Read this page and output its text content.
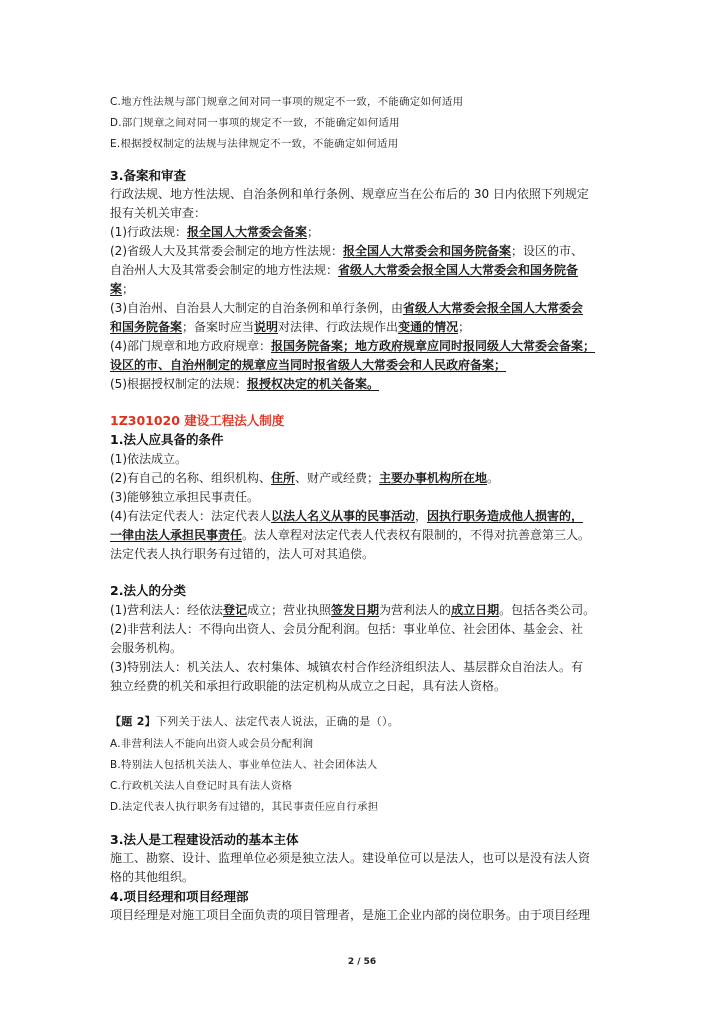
C.地方性法规与部门规章之间对同一事项的规定不一致，不能确定如何适用
D.部门规章之间对同一事项的规定不一致，不能确定如何适用
E.根据授权制定的法规与法律规定不一致，不能确定如何适用
3.备案和审查
行政法规、地方性法规、自治条例和单行条例、规章应当在公布后的 30 日内依照下列规定
报有关机关审查：
(1)行政法规：报全国人大常委会备案；
(2)省级人大及其常委会制定的地方性法规：报全国人大常委会和国务院备案；设区的市、
自治州人大及其常委会制定的地方性法规：省级人大常委会报全国人大常委会和国务院备
案；
(3)自治州、自治县人大制定的自治条例和单行条例，由省级人大常委会报全国人大常委会
和国务院备案；备案时应当说明对法律、行政法规作出变通的情况；
(4)部门规章和地方政府规章：报国务院备案；地方政府规章应同时报同级人大常委会备案；
设区的市、自治州制定的规章应当同时报省级人大常委会和人民政府备案；
(5)根据授权制定的法规：报授权决定的机关备案。
1Z301020 建设工程法人制度
1.法人应具备的条件
(1)依法成立。
(2)有自己的名称、组织机构、住所、财产或经费；主要办事机构所在地。
(3)能够独立承担民事责任。
(4)有法定代表人：法定代表人以法人名义从事的民事活动，因执行职务造成他人损害的，
一律由法人承担民事责任。法人章程对法定代表人代表权有限制的，不得对抗善意第三人。
法定代表人执行职务有过错的，法人可对其追偿。
2.法人的分类
(1)营利法人：经依法登记成立；营业执照签发日期为营利法人的成立日期。包括各类公司。
(2)非营利法人：不得向出资人、会员分配利润。包括：事业单位、社会团体、基金会、社
会服务机构。
(3)特别法人：机关法人、农村集体、城镇农村合作经济组织法人、基层群众自治法人。有
独立经费的机关和承担行政职能的法定机构从成立之日起，具有法人资格。
【题 2】下列关于法人、法定代表人说法，正确的是（）。
A.非营利法人不能向出资人或会员分配利润
B.特别法人包括机关法人、事业单位法人、社会团体法人
C.行政机关法人自登记时具有法人资格
D.法定代表人执行职务有过错的，其民事责任应自行承担
3.法人是工程建设活动的基本主体
施工、勘察、设计、监理单位必须是独立法人。建设单位可以是法人，也可以是没有法人资
格的其他组织。
4.项目经理和项目经理部
项目经理是对施工项目全面负责的项目管理者，是施工企业内部的岗位职务。由于项目经理
2 / 56
